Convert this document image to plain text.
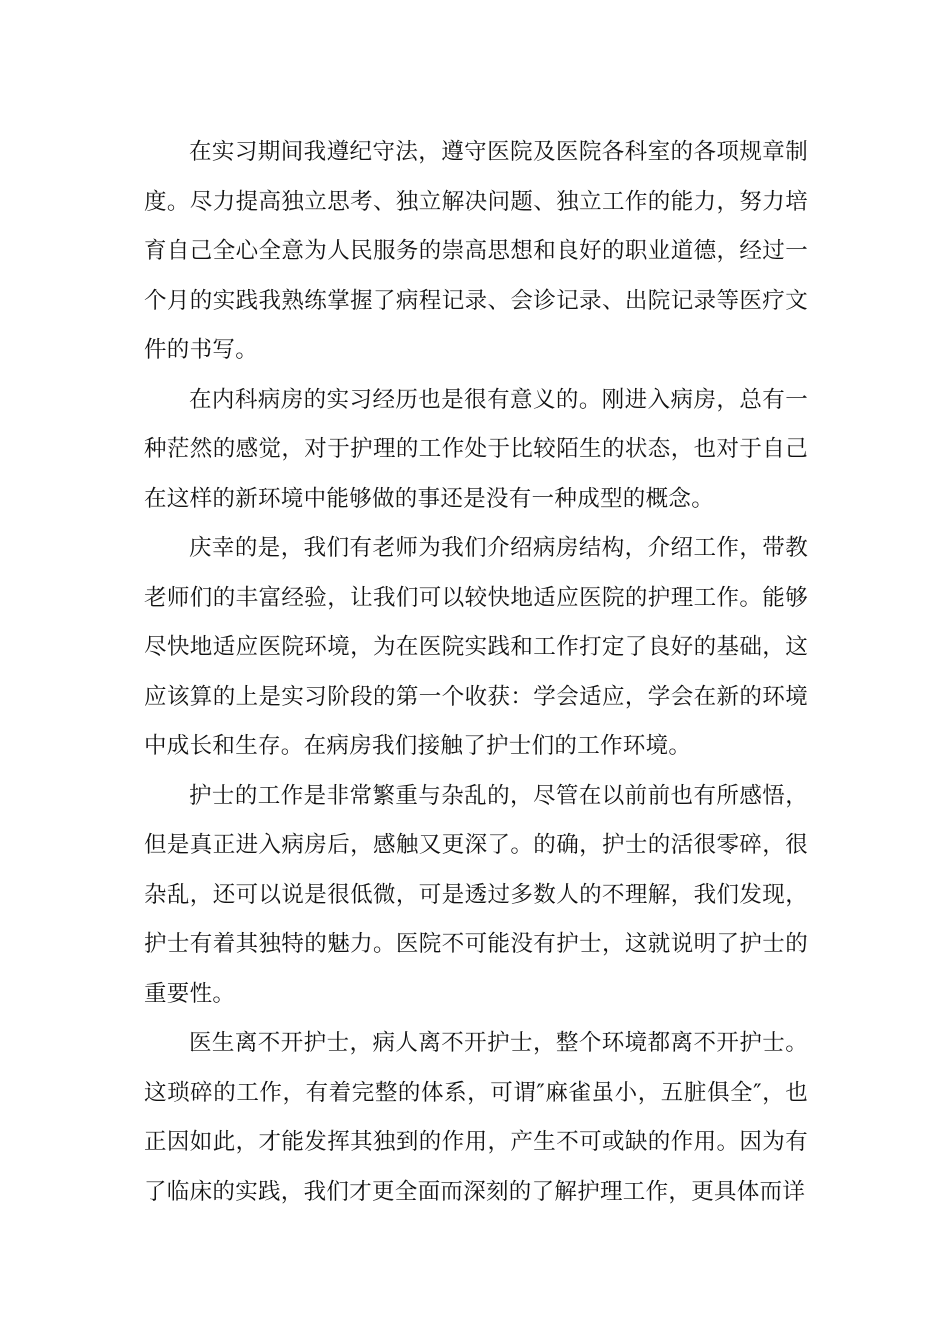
在实习期间我遵纪守法，遵守医院及医院各科室的各项规章制度。尽力提高独立思考、独立解决问题、独立工作的能力，努力培育自己全心全意为人民服务的崇高思想和良好的职业道德，经过一个月的实践我熟练掌握了病程记录、会诊记录、出院记录等医疗文件的书写。

在内科病房的实习经历也是很有意义的。刚进入病房，总有一种茫然的感觉，对于护理的工作处于比较陌生的状态，也对于自己在这样的新环境中能够做的事还是没有一种成型的概念。

庆幸的是，我们有老师为我们介绍病房结构，介绍工作，带教老师们的丰富经验，让我们可以较快地适应医院的护理工作。能够尽快地适应医院环境，为在医院实践和工作打定了良好的基础，这应该算的上是实习阶段的第一个收获：学会适应，学会在新的环境中成长和生存。在病房我们接触了护士们的工作环境。

护士的工作是非常繁重与杂乱的，尽管在以前前也有所感悟，但是真正进入病房后，感触又更深了。的确，护士的活很零碎，很杂乱，还可以说是很低微，可是透过多数人的不理解，我们发现，护士有着其独特的魅力。医院不可能没有护士，这就说明了护士的重要性。

医生离不开护士，病人离不开护士，整个环境都离不开护士。这琐碎的工作，有着完整的体系，可谓″麻雀虽小，五脏俱全″，也正因如此，才能发挥其独到的作用，产生不可或缺的作用。因为有了临床的实践，我们才更全面而深刻的了解护理工作，更具体而详
